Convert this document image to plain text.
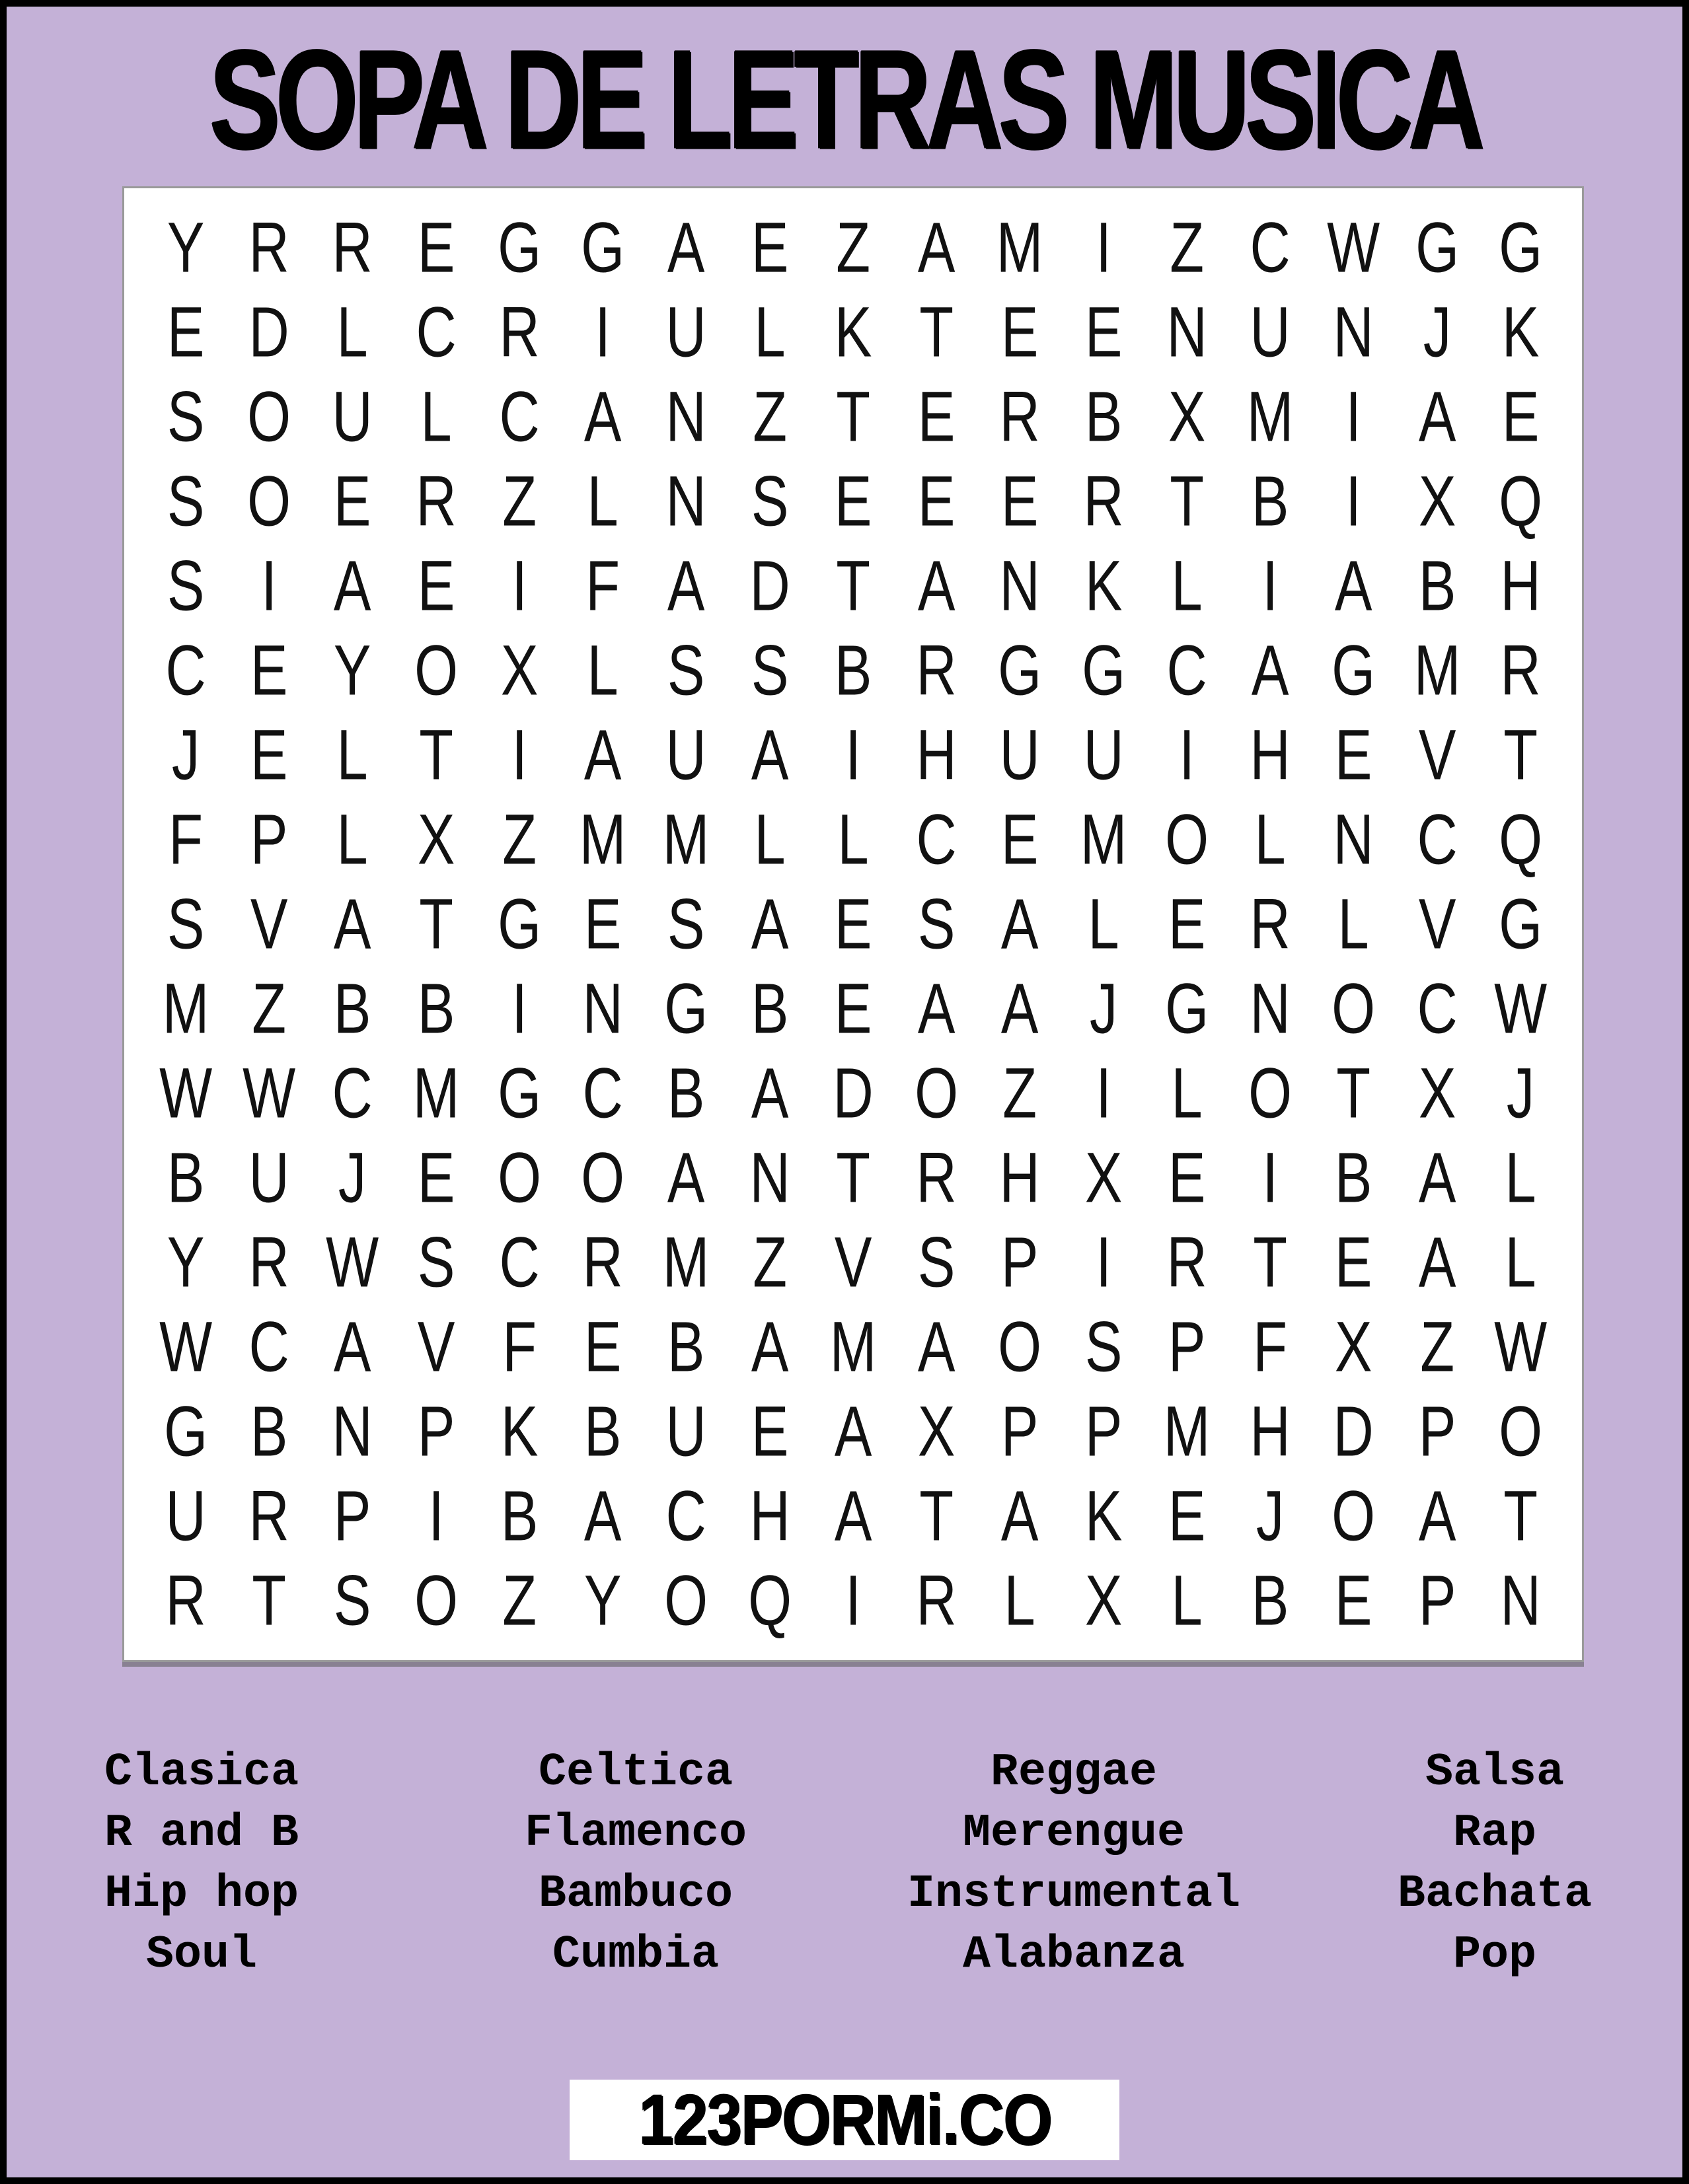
SOPA DE LETRAS MUSICA
Y R R E G G A E Z A M I Z C W G G
E D L C R I U L K T E E N U N J K
S O U L C A N Z T E R B X M I A E
S O E R Z L N S E E E R T B I X Q
S I A E I F A D T A N K L I A B H
C E Y O X L S S B R G G C A G M R
J E L T I A U A I H U U I H E V T
F P L X Z M M L L C E M O L N C Q
S V A T G E S A E S A L E R L V G
M Z B B I N G B E A A J G N O C W
W W C M G C B A D O Z I L O T X J
B U J E O O A N T R H X E I B A L
Y R W S C R M Z V S P I R T E A L
W C A V F E B A M A O S P F X Z W
G B N P K B U E A X P P M H D P O
U R P I B A C H A T A K E J O A T
R T S O Z Y O Q I R L X L B E P N
Clasica
R and B
Hip hop
Soul
Celtica
Flamenco
Bambuco
Cumbia
Reggae
Merengue
Instrumental
Alabanza
Salsa
Rap
Bachata
Pop
123PORMi.CO
